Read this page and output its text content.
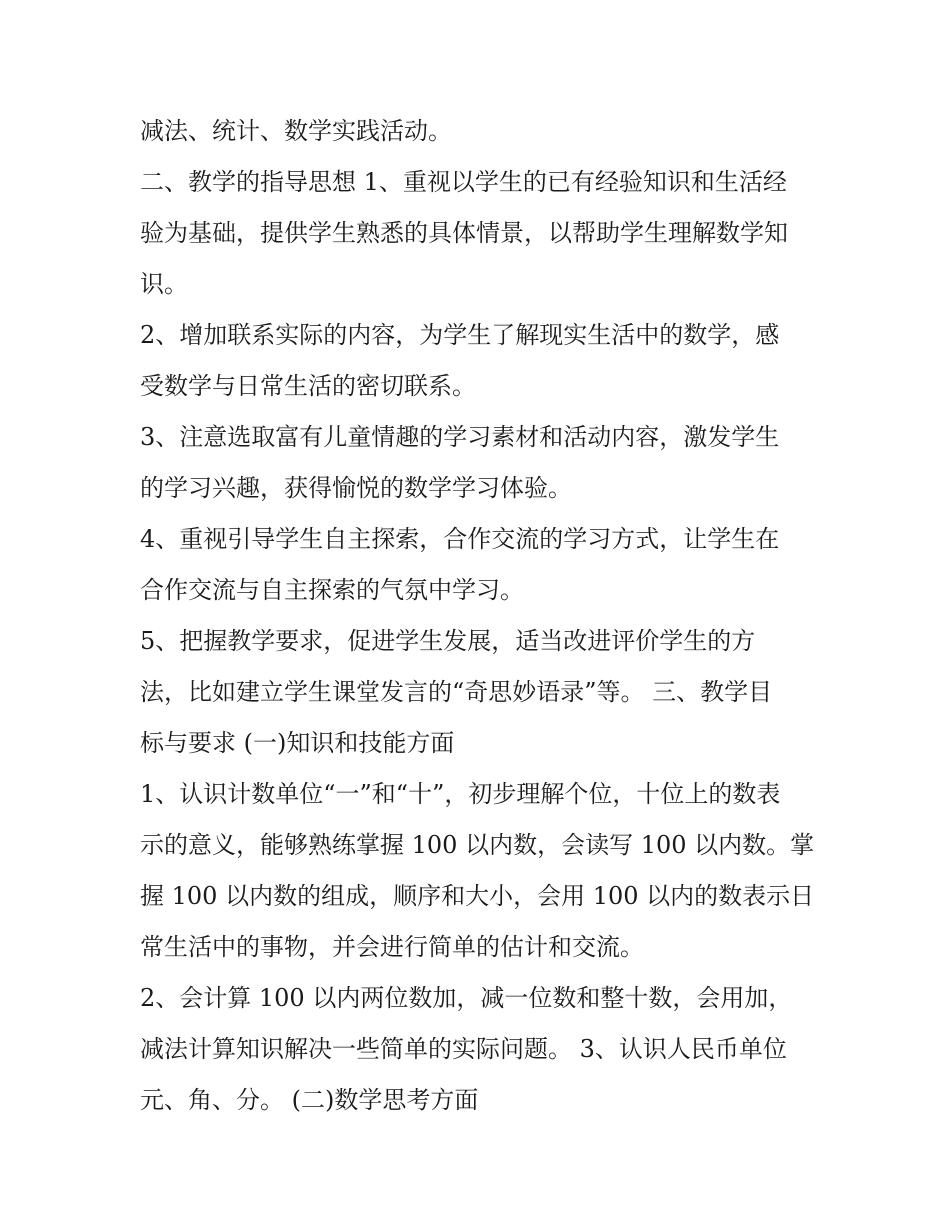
减法、统计、数学实践活动。
二、教学的指导思想 1、重视以学生的已有经验知识和生活经
验为基础，提供学生熟悉的具体情景，以帮助学生理解数学知
识。
2、增加联系实际的内容，为学生了解现实生活中的数学，感
受数学与日常生活的密切联系。
3、注意选取富有儿童情趣的学习素材和活动内容，激发学生
的学习兴趣，获得愉悦的数学学习体验。
4、重视引导学生自主探索，合作交流的学习方式，让学生在
合作交流与自主探索的气氛中学习。
5、把握教学要求，促进学生发展，适当改进评价学生的方
法，比如建立学生课堂发言的“奇思妙语录”等。 三、教学目
标与要求 (一)知识和技能方面
1、认识计数单位“一”和“十”，初步理解个位，十位上的数表
示的意义，能够熟练掌握 100 以内数，会读写 100 以内数。掌
握 100 以内数的组成，顺序和大小，会用 100 以内的数表示日
常生活中的事物，并会进行简单的估计和交流。
2、会计算 100 以内两位数加，减一位数和整十数，会用加，
减法计算知识解决一些简单的实际问题。 3、认识人民币单位
元、角、分。 (二)数学思考方面
